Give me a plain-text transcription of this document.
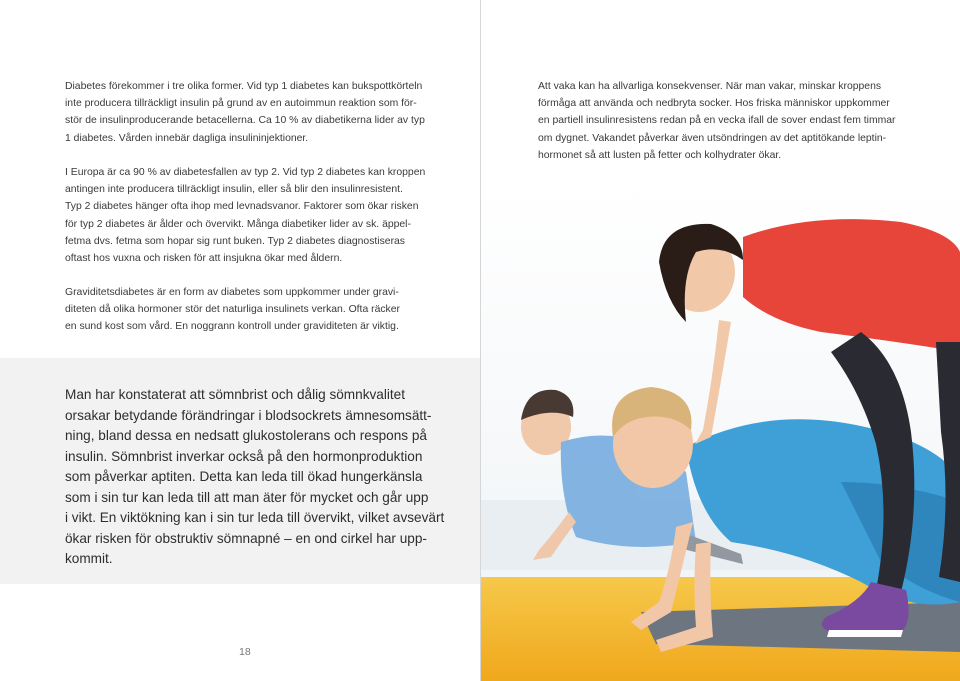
Diabetes förekommer i tre olika former. Vid typ 1 diabetes kan bukspottkörteln
inte producera tillräckligt insulin på grund av en autoimmun reaktion som för-
stör de insulinproducerande betacellerna. Ca 10 % av diabetikerna lider av typ
1 diabetes. Vården innebär dagliga insulininjektioner.

I Europa är ca 90 % av diabetesfallen av typ 2. Vid typ 2 diabetes kan kroppen
antingen inte producera tillräckligt insulin, eller så blir den insulinresistent.
Typ 2 diabetes hänger ofta ihop med levnadsvanor. Faktorer som ökar risken
för typ 2 diabetes är ålder och övervikt. Många diabetiker lider av sk. äppel-
fetma dvs. fetma som hopar sig runt buken. Typ 2 diabetes diagnostiseras
oftast hos vuxna och risken för att insjukna ökar med åldern.

Graviditetsdiabetes är en form av diabetes som uppkommer under gravi-
diteten då olika hormoner stör det naturliga insulinets verkan. Ofta räcker
en sund kost som vård. En noggrann kontroll under graviditeten är viktig.

Man har konstaterat att sömnbrist och dålig sömnkvalitet
orsakar betydande förändringar i blodsockrets ämnesomsätt-
ning, bland dessa en nedsatt glukostolerans och respons på
insulin. Sömnbrist inverkar också på den hormonproduktion
som påverkar aptiten. Detta kan leda till ökad hungerkänsla
som i sin tur kan leda till att man äter för mycket och går upp
i vikt. En viktökning kan i sin tur leda till övervikt, vilket avsevärt
ökar risken för obstruktiv sömnapné – en ond cirkel har upp-
kommit.

18

Att vaka kan ha allvarliga konsekvenser. När man vakar, minskar kroppens
förmåga att använda och nedbryta socker. Hos friska människor uppkommer
en partiell insulinresistens redan på en vecka ifall de sover endast fem timmar
om dygnet. Vakandet påverkar även utsöndringen av det aptitökande leptin-
hormonet så att lusten på fetter och kolhydrater ökar.
